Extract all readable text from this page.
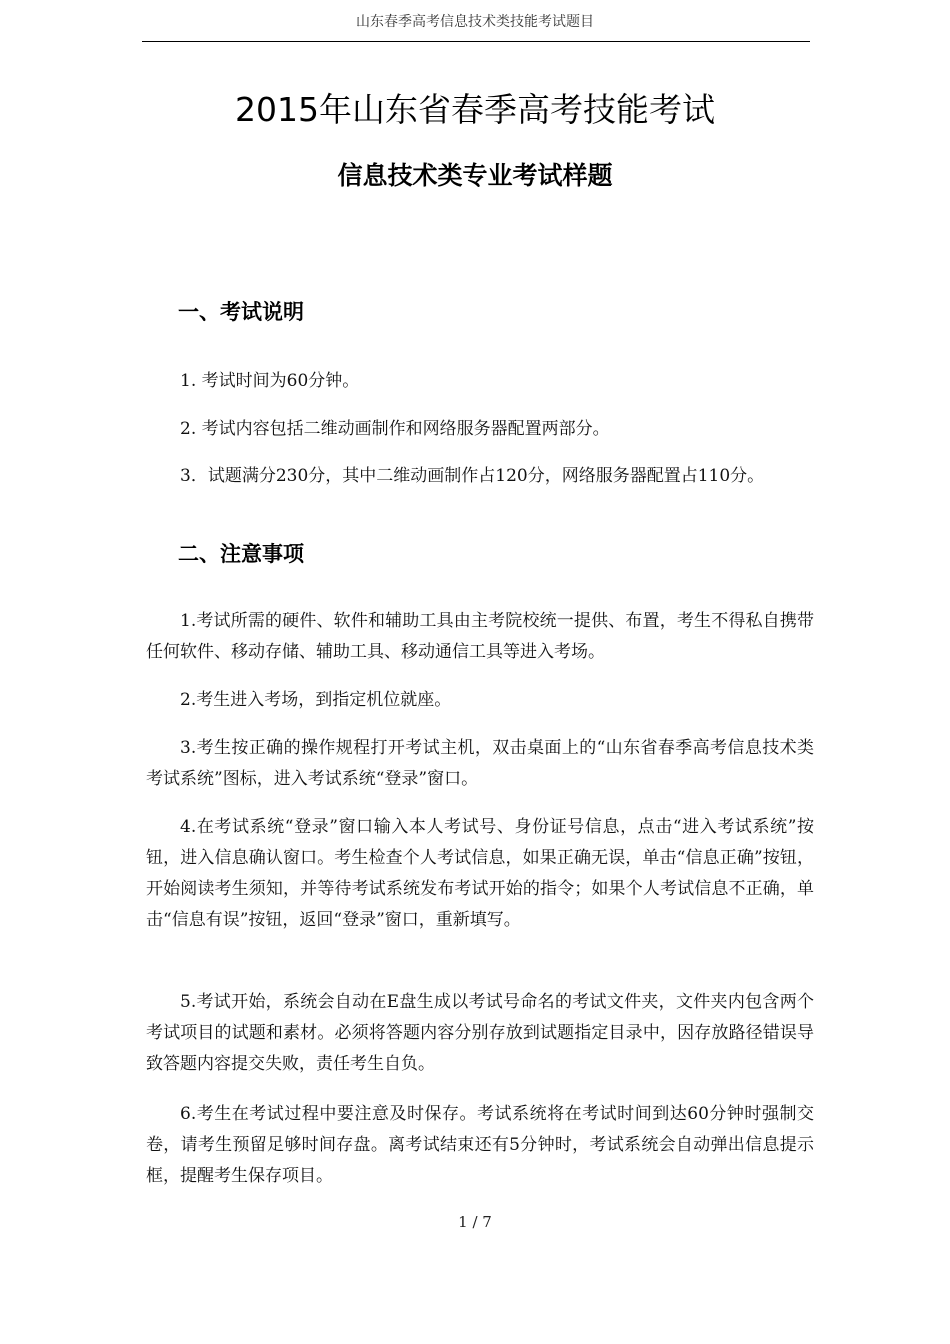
山东春季高考信息技术类技能考试题目
2015年山东省春季高考技能考试
信息技术类专业考试样题
一、考试说明

1. 考试时间为60分钟。

2. 考试内容包括二维动画制作和网络服务器配置两部分。

3．试题满分230分，其中二维动画制作占120分，网络服务器配置占110分。

二、注意事项

1.考试所需的硬件、软件和辅助工具由主考院校统一提供、布置，考生不得私自携带任何软件、移动存储、辅助工具、移动通信工具等进入考场。

2.考生进入考场，到指定机位就座。

3.考生按正确的操作规程打开考试主机，双击桌面上的“山东省春季高考信息技术类考试系统”图标，进入考试系统“登录”窗口。

4.在考试系统“登录”窗口输入本人考试号、身份证号信息，点击“进入考试系统”按钮，进入信息确认窗口。考生检查个人考试信息，如果正确无误，单击“信息正确”按钮，开始阅读考生须知，并等待考试系统发布考试开始的指令；如果个人考试信息不正确，单击“信息有误”按钮，返回“登录”窗口，重新填写。

5.考试开始，系统会自动在E盘生成以考试号命名的考试文件夹，文件夹内包含两个考试项目的试题和素材。必须将答题内容分别存放到试题指定目录中，因存放路径错误导致答题内容提交失败，责任考生自负。

6.考生在考试过程中要注意及时保存。考试系统将在考试时间到达60分钟时强制交卷，请考生预留足够时间存盘。离考试结束还有5分钟时，考试系统会自动弹出信息提示框，提醒考生保存项目。

1 / 7
